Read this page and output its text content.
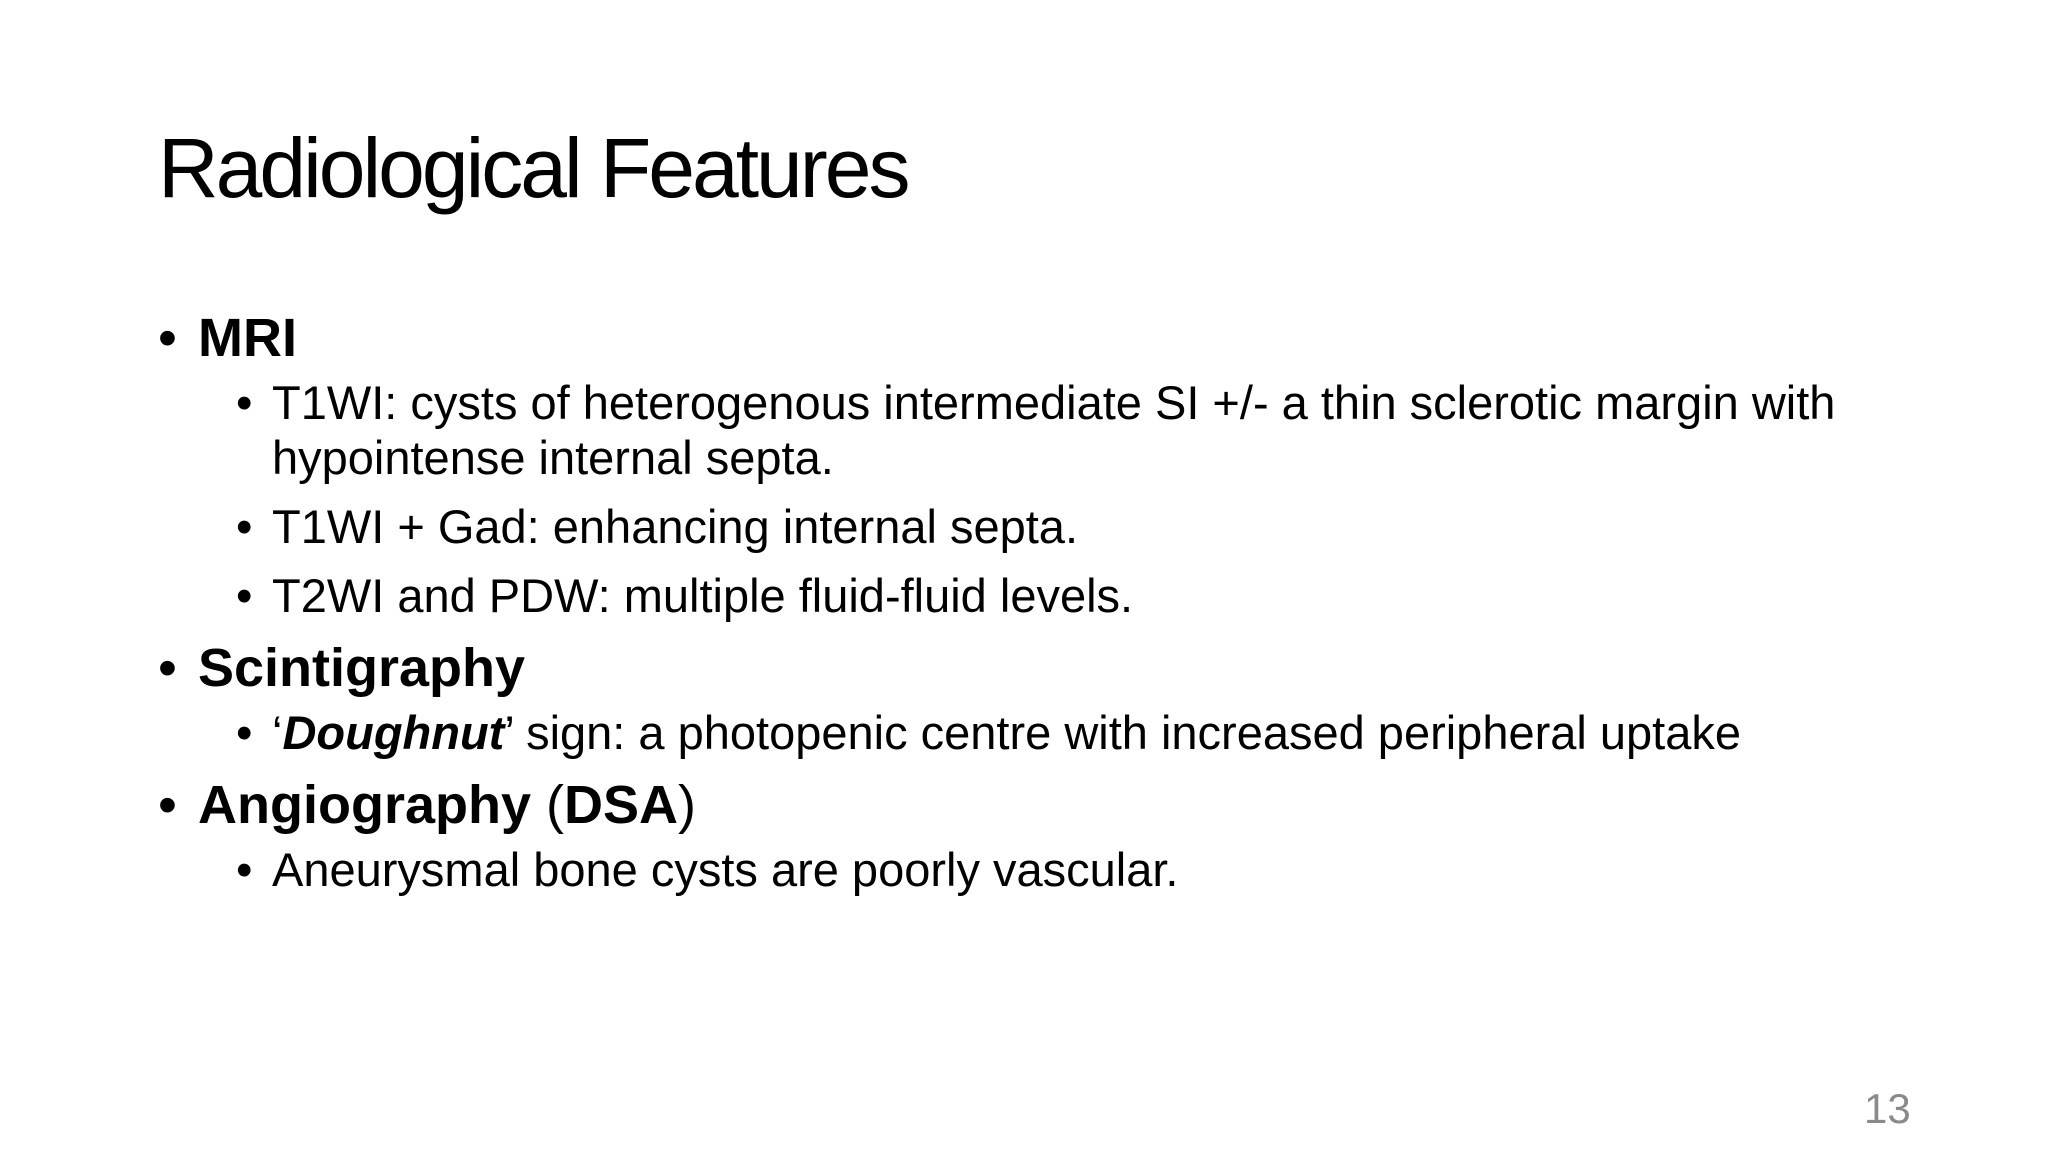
Radiological Features
• MRI
• T1WI: cysts of heterogenous intermediate SI +/- a thin sclerotic margin with hypointense internal septa.
• T1WI + Gad: enhancing internal septa.
• T2WI and PDW: multiple fluid-fluid levels.
• Scintigraphy
• ‘Doughnut’ sign: a photopenic centre with increased peripheral uptake
• Angiography (DSA)
• Aneurysmal bone cysts are poorly vascular.
13
